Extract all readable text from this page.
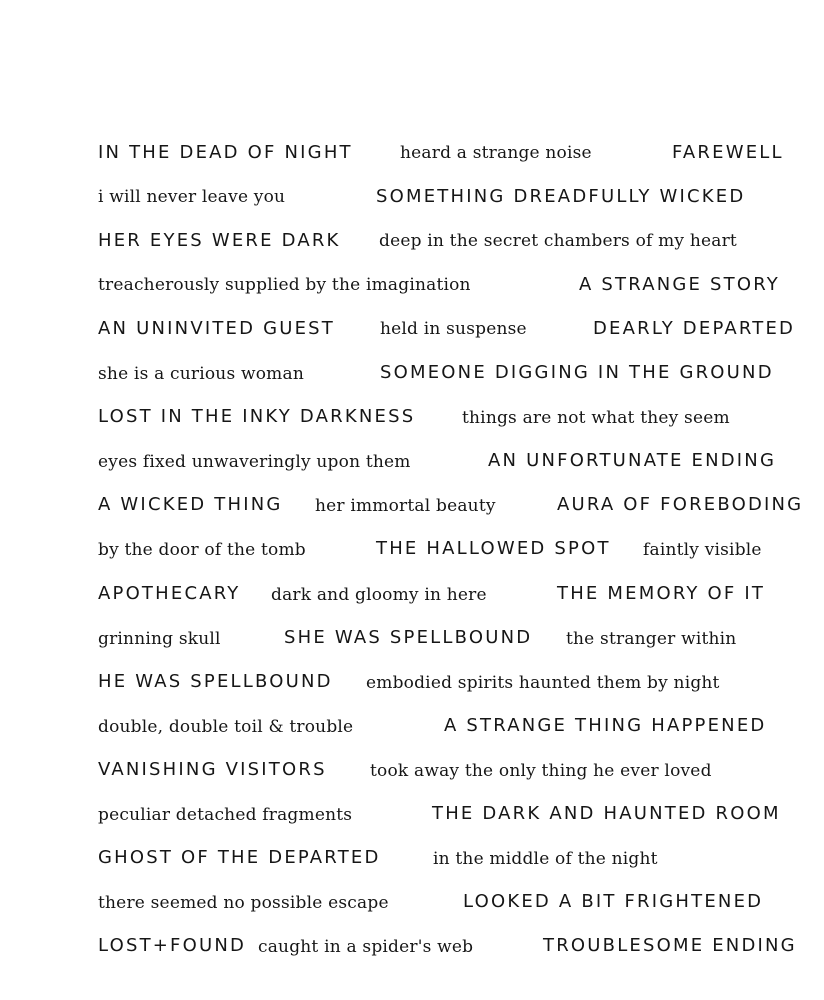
IN THE DEAD OF NIGHT	heard a strange noise	FAREWELL
i will never leave you	SOMETHING DREADFULLY WICKED
HER EYES WERE DARK deep in the secret chambers of my heart
treacherously supplied by the imagination	A STRANGE STORY
AN UNINVITED GUEST	held in suspense	DEARLY DEPARTED
she is a curious woman	SOMEONE DIGGING IN THE GROUND
LOST IN THE INKY DARKNESS	things are not what they seem
eyes fixed unwaveringly upon them	AN UNFORTUNATE ENDING
A WICKED THING her immortal beauty	AURA OF FOREBODING
by the door of the tomb	THE HALLOWED SPOT faintly visible
APOTHECARY dark and gloomy in here	THE MEMORY OF IT
grinning skull	SHE WAS SPELLBOUND the stranger within
HE WAS SPELLBOUND embodied spirits haunted them by night
double, double toil & trouble	A STRANGE THING HAPPENED
VANISHING VISITORS	took away the only thing he ever loved
peculiar detached fragments	THE DARK AND HAUNTED ROOM
GHOST OF THE DEPARTED	in the middle of the night
there seemed no possible escape	LOOKED A BIT FRIGHTENED
LOST+FOUND caught in a spider's web	TROUBLESOME ENDING
